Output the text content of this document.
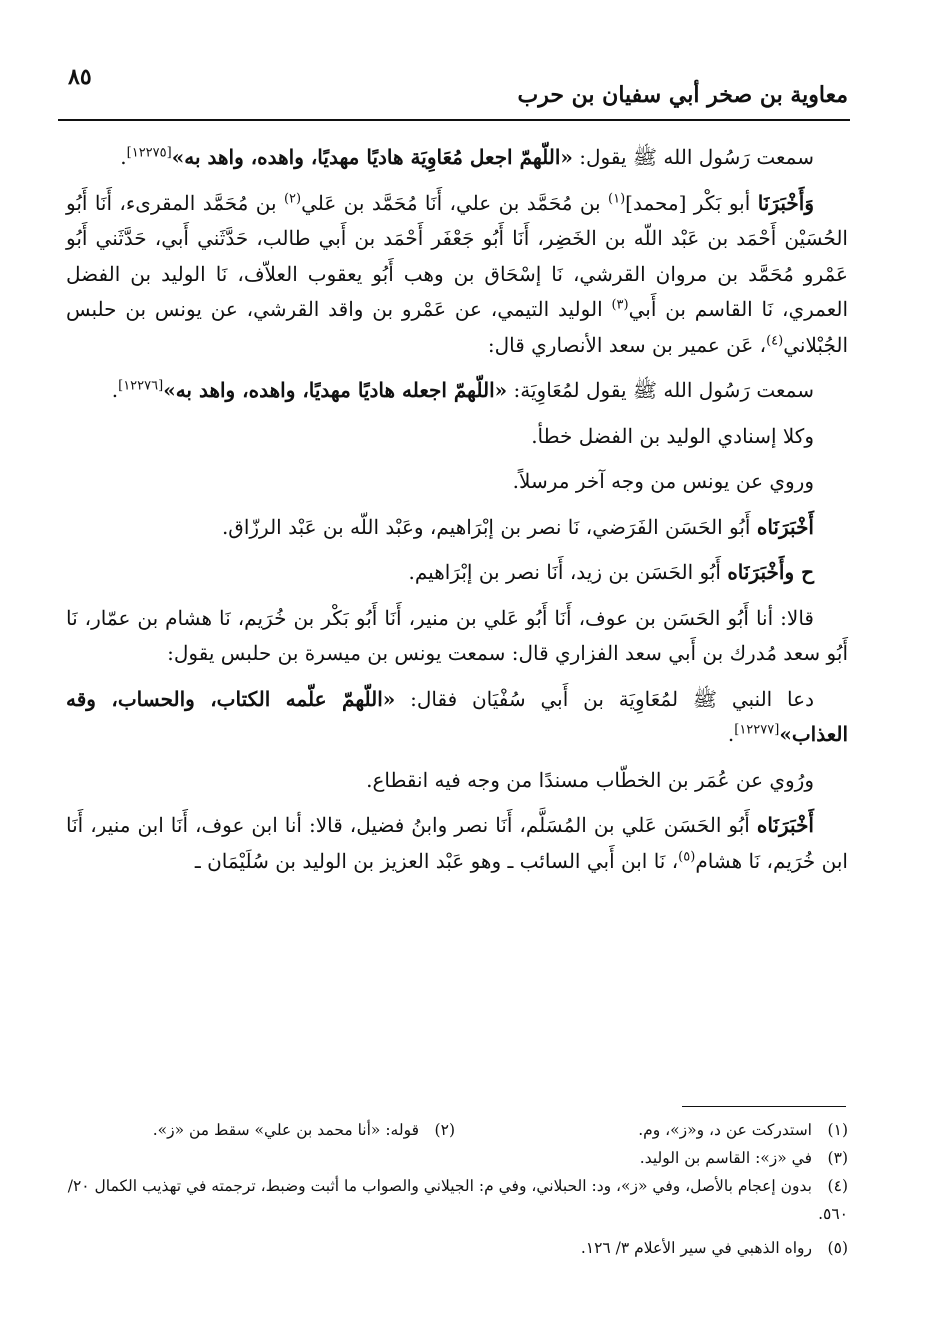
٨٥
معاوية بن صخر أبي سفيان بن حرب

سمعت رَسُول الله ﷺ يقول: «اللّهمّ اجعل مُعَاوِيَة هاديًا مهديًا، واهده، واهد به»[١٢٢٧٥].

وَأَخْبَرَنَا أبو بَكْر [محمد]$^{(١)}$ بن مُحَمَّد بن علي، أَنَا مُحَمَّد بن عَلي$^{(٢)}$ بن مُحَمَّد المقرىء، أَنَا أَبُو الحُسَيْن أَحْمَد بن عَبْد اللّه بن الخَضِر، أَنَا أَبُو جَعْفَر أَحْمَد بن أَبي طالب، حَدَّثَني أَبي، حَدَّثَني أَبُو عَمْرو مُحَمَّد بن مروان القرشي، نَا إسْحَاق بن وهب أَبُو يعقوب العلاّف، نَا الوليد بن الفضل العمري، نَا القاسم بن أَبي$^{(٣)}$ الوليد التيمي، عن عَمْرو بن واقد القرشي، عن يونس بن حلبس الجُبْلاني$^{(٤)}$، عَن عمير بن سعد الأنصاري قال:

سمعت رَسُول الله ﷺ يقول لمُعَاوِيَة: «اللّهمّ اجعله هاديًا مهديًا، واهده، واهد به»[١٢٢٧٦].

وكلا إسنادي الوليد بن الفضل خطأ.

وروي عن يونس من وجه آخر مرسلاً.

أَخْبَرَنَاه أَبُو الحَسَن الفَرَضي، نَا نصر بن إبْرَاهيم، وعَبْد اللّه بن عَبْد الرزّاق.

ح وأَخْبَرَنَاه أَبُو الحَسَن بن زيد، أَنَا نصر بن إبْرَاهيم.

قالا: أنا أَبُو الحَسَن بن عوف، أَنَا أَبُو عَلي بن منير، أَنَا أَبُو بَكْر بن خُرَيم، نَا هشام بن عمّار، نَا أَبُو سعد مُدرك بن أَبي سعد الفزاري قال: سمعت يونس بن ميسرة بن حلبس يقول:

دعا النبي ﷺ لمُعَاوِيَة بن أَبي سُفْيَان فقال: «اللّهمّ علّمه الكتاب، والحساب، وقه العذاب»[١٢٢٧٧].

ورُوي عن عُمَر بن الخطّاب مسندًا من وجه فيه انقطاع.

أَخْبَرَنَاه أَبُو الحَسَن عَلي بن المُسَلَّم، أَنَا نصر وابنُ فضيل، قالا: أنا ابن عوف، أَنَا ابن منير، أَنَا ابن خُرَيم، نَا هشام$^{(٥)}$، نَا ابن أَبي السائب ـ وهو عَبْد العزيز بن الوليد بن سُلَيْمَان ـ

(١)استدركت عن د، و«ز»، وم.
(٢)قوله: «أنا محمد بن علي» سقط من «ز».
(٣)في «ز»: القاسم بن الوليد.
(٤)بدون إعجام بالأصل، وفي «ز»، ود: الحبلاني، وفي م: الجيلاني والصواب ما أثبت وضبط، ترجمته في تهذيب الكمال ٢٠/ ٥٦٠.
(٥)رواه الذهبي في سير الأعلام ٣/ ١٢٦.
